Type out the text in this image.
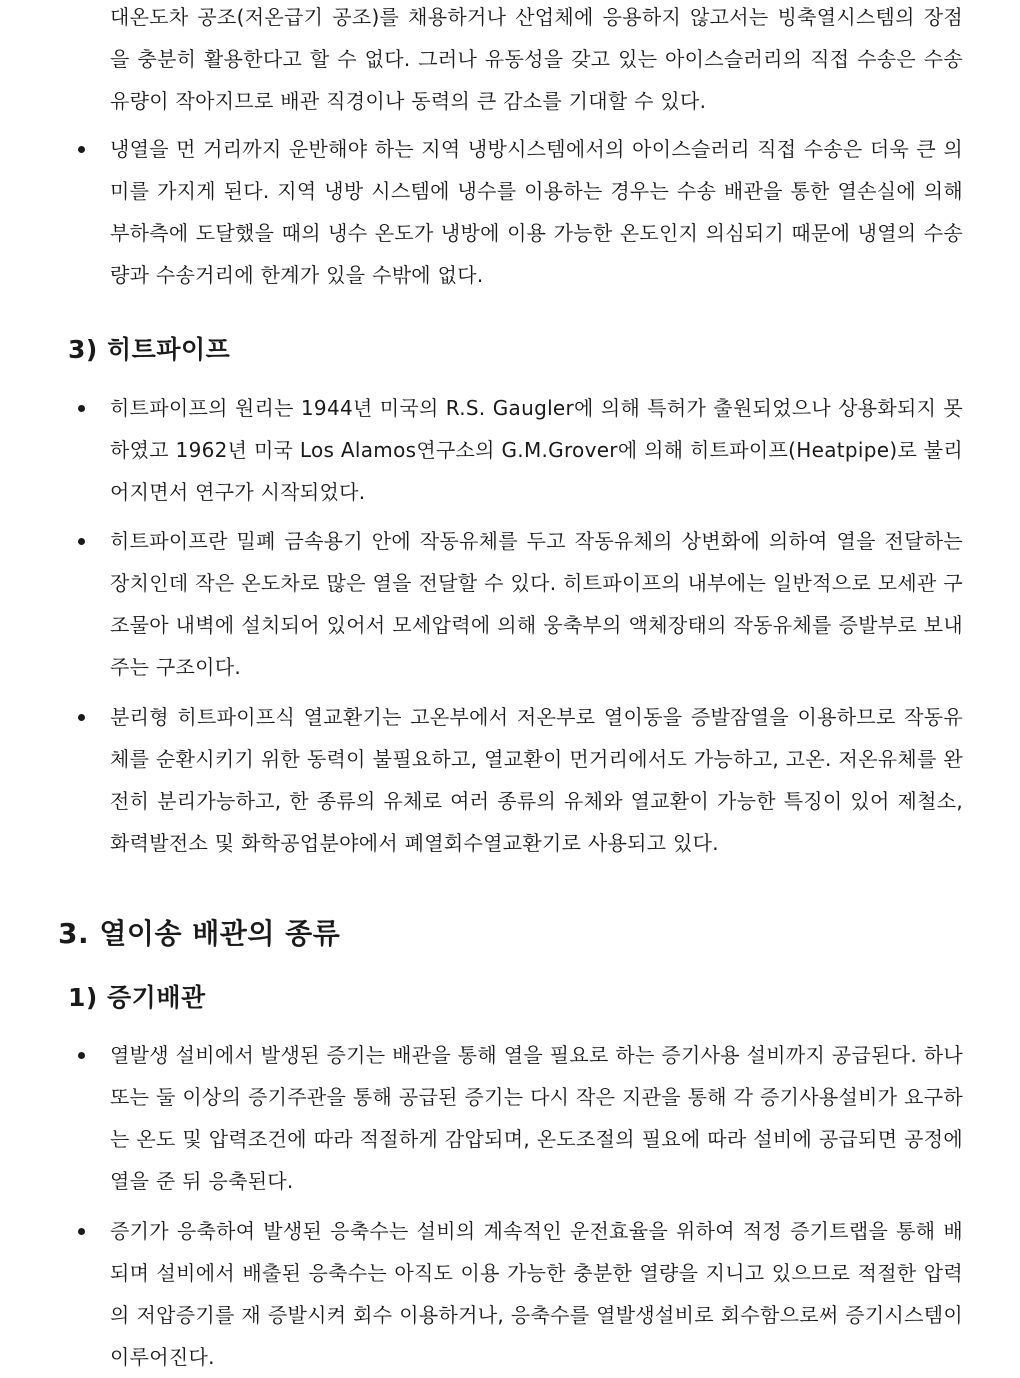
대온도차 공조(저온급기 공조)를 채용하거나 산업체에 응용하지 않고서는 빙축열시스템의 장점을 충분히 활용한다고 할 수 없다. 그러나 유동성을 갖고 있는 아이스슬러리의 직접 수송은 수송 유량이 작아지므로 배관 직경이나 동력의 큰 감소를 기대할 수 있다.
냉열을 먼 거리까지 운반해야 하는 지역 냉방시스템에서의 아이스슬러리 직접 수송은 더욱 큰 의미를 가지게 된다. 지역 냉방 시스템에 냉수를 이용하는 경우는 수송 배관을 통한 열손실에 의해 부하측에 도달했을 때의 냉수 온도가 냉방에 이용 가능한 온도인지 의심되기 때문에 냉열의 수송량과 수송거리에 한계가 있을 수밖에 없다.
3) 히트파이프
히트파이프의 원리는 1944년 미국의 R.S. Gaugler에 의해 특허가 출원되었으나 상용화되지 못하였고 1962년 미국 Los Alamos연구소의 G.M.Grover에 의해 히트파이프(Heatpipe)로 불리어지면서 연구가 시작되었다.
히트파이프란 밀폐 금속용기 안에 작동유체를 두고 작동유체의 상변화에 의하여 열을 전달하는 장치인데 작은 온도차로 많은 열을 전달할 수 있다. 히트파이프의 내부에는 일반적으로 모세관 구조물아 내벽에 설치되어 있어서 모세압력에 의해 웅축부의 액체장태의 작동유체를 증발부로 보내주는 구조이다.
분리형 히트파이프식 열교환기는 고온부에서 저온부로 열이동을 증발잠열을 이용하므로 작동유체를 순환시키기 위한 동력이 불필요하고, 열교환이 먼거리에서도 가능하고, 고온. 저온유체를 완전히 분리가능하고, 한 종류의 유체로 여러 종류의 유체와 열교환이 가능한 특징이 있어 제철소, 화력발전소 및 화학공업분야에서 폐열회수열교환기로 사용되고 있다.
3. 열이송 배관의 종류
1) 증기배관
열발생 설비에서 발생된 증기는 배관을 통해 열을 필요로 하는 증기사용 설비까지 공급된다. 하나 또는 둘 이상의 증기주관을 통해 공급된 증기는 다시 작은 지관을 통해 각 증기사용설비가 요구하는 온도 및 압력조건에 따라 적절하게 감압되며, 온도조절의 필요에 따라 설비에 공급되면 공정에 열을 준 뒤 응축된다.
증기가 응축하여 발생된 응축수는 설비의 계속적인 운전효율을 위하여 적정 증기트랩을 통해 배되며 설비에서 배출된 응축수는 아직도 이용 가능한 충분한 열량을 지니고 있으므로 적절한 압력의 저압증기를 재 증발시켜 회수 이용하거나, 응축수를 열발생설비로 회수함으로써 증기시스템이 이루어진다.
